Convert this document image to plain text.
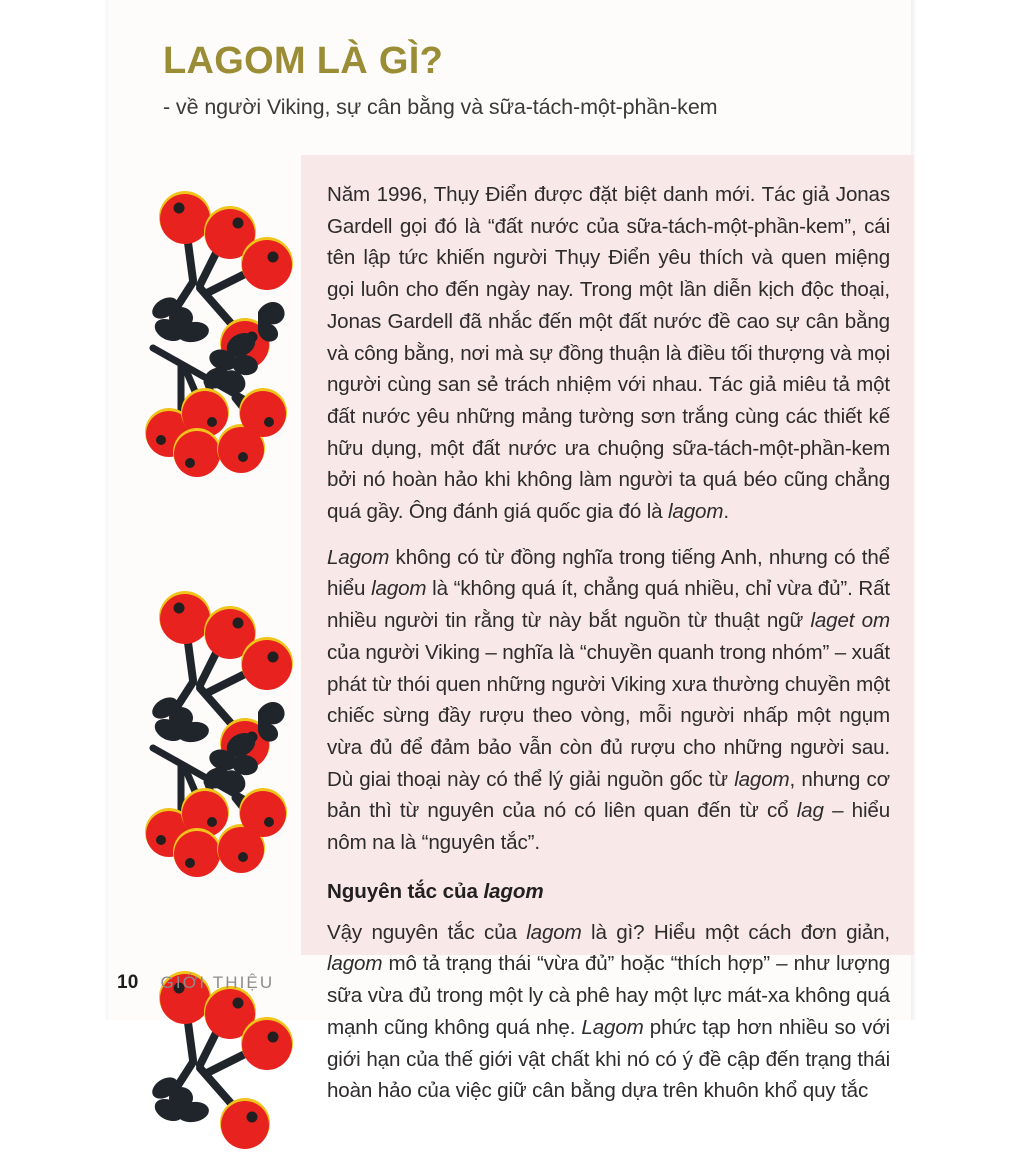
LAGOM LÀ GÌ?
- về người Viking, sự cân bằng và sữa-tách-một-phần-kem

Năm 1996, Thụy Điển được đặt biệt danh mới. Tác giả Jonas Gardell gọi đó là “đất nước của sữa-tách-một-phần-kem”, cái tên lập tức khiến người Thụy Điển yêu thích và quen miệng gọi luôn cho đến ngày nay. Trong một lần diễn kịch độc thoại, Jonas Gardell đã nhắc đến một đất nước đề cao sự cân bằng và công bằng, nơi mà sự đồng thuận là điều tối thượng và mọi người cùng san sẻ trách nhiệm với nhau. Tác giả miêu tả một đất nước yêu những mảng tường sơn trắng cùng các thiết kế hữu dụng, một đất nước ưa chuộng sữa-tách-một-phần-kem bởi nó hoàn hảo khi không làm người ta quá béo cũng chẳng quá gầy. Ông đánh giá quốc gia đó là lagom.

Lagom không có từ đồng nghĩa trong tiếng Anh, nhưng có thể hiểu lagom là “không quá ít, chẳng quá nhiều, chỉ vừa đủ”. Rất nhiều người tin rằng từ này bắt nguồn từ thuật ngữ laget om của người Viking – nghĩa là “chuyền quanh trong nhóm” – xuất phát từ thói quen những người Viking xưa thường chuyền một chiếc sừng đầy rượu theo vòng, mỗi người nhấp một ngụm vừa đủ để đảm bảo vẫn còn đủ rượu cho những người sau. Dù giai thoại này có thể lý giải nguồn gốc từ lagom, nhưng cơ bản thì từ nguyên của nó có liên quan đến từ cổ lag – hiểu nôm na là “nguyên tắc”.

Nguyên tắc của lagom

Vậy nguyên tắc của lagom là gì? Hiểu một cách đơn giản, lagom mô tả trạng thái “vừa đủ” hoặc “thích hợp” – như lượng sữa vừa đủ trong một ly cà phê hay một lực mát-xa không quá mạnh cũng không quá nhẹ. Lagom phức tạp hơn nhiều so với giới hạn của thế giới vật chất khi nó có ý đề cập đến trạng thái hoàn hảo của việc giữ cân bằng dựa trên khuôn khổ quy tắc

10 GIỚI THIỆU
